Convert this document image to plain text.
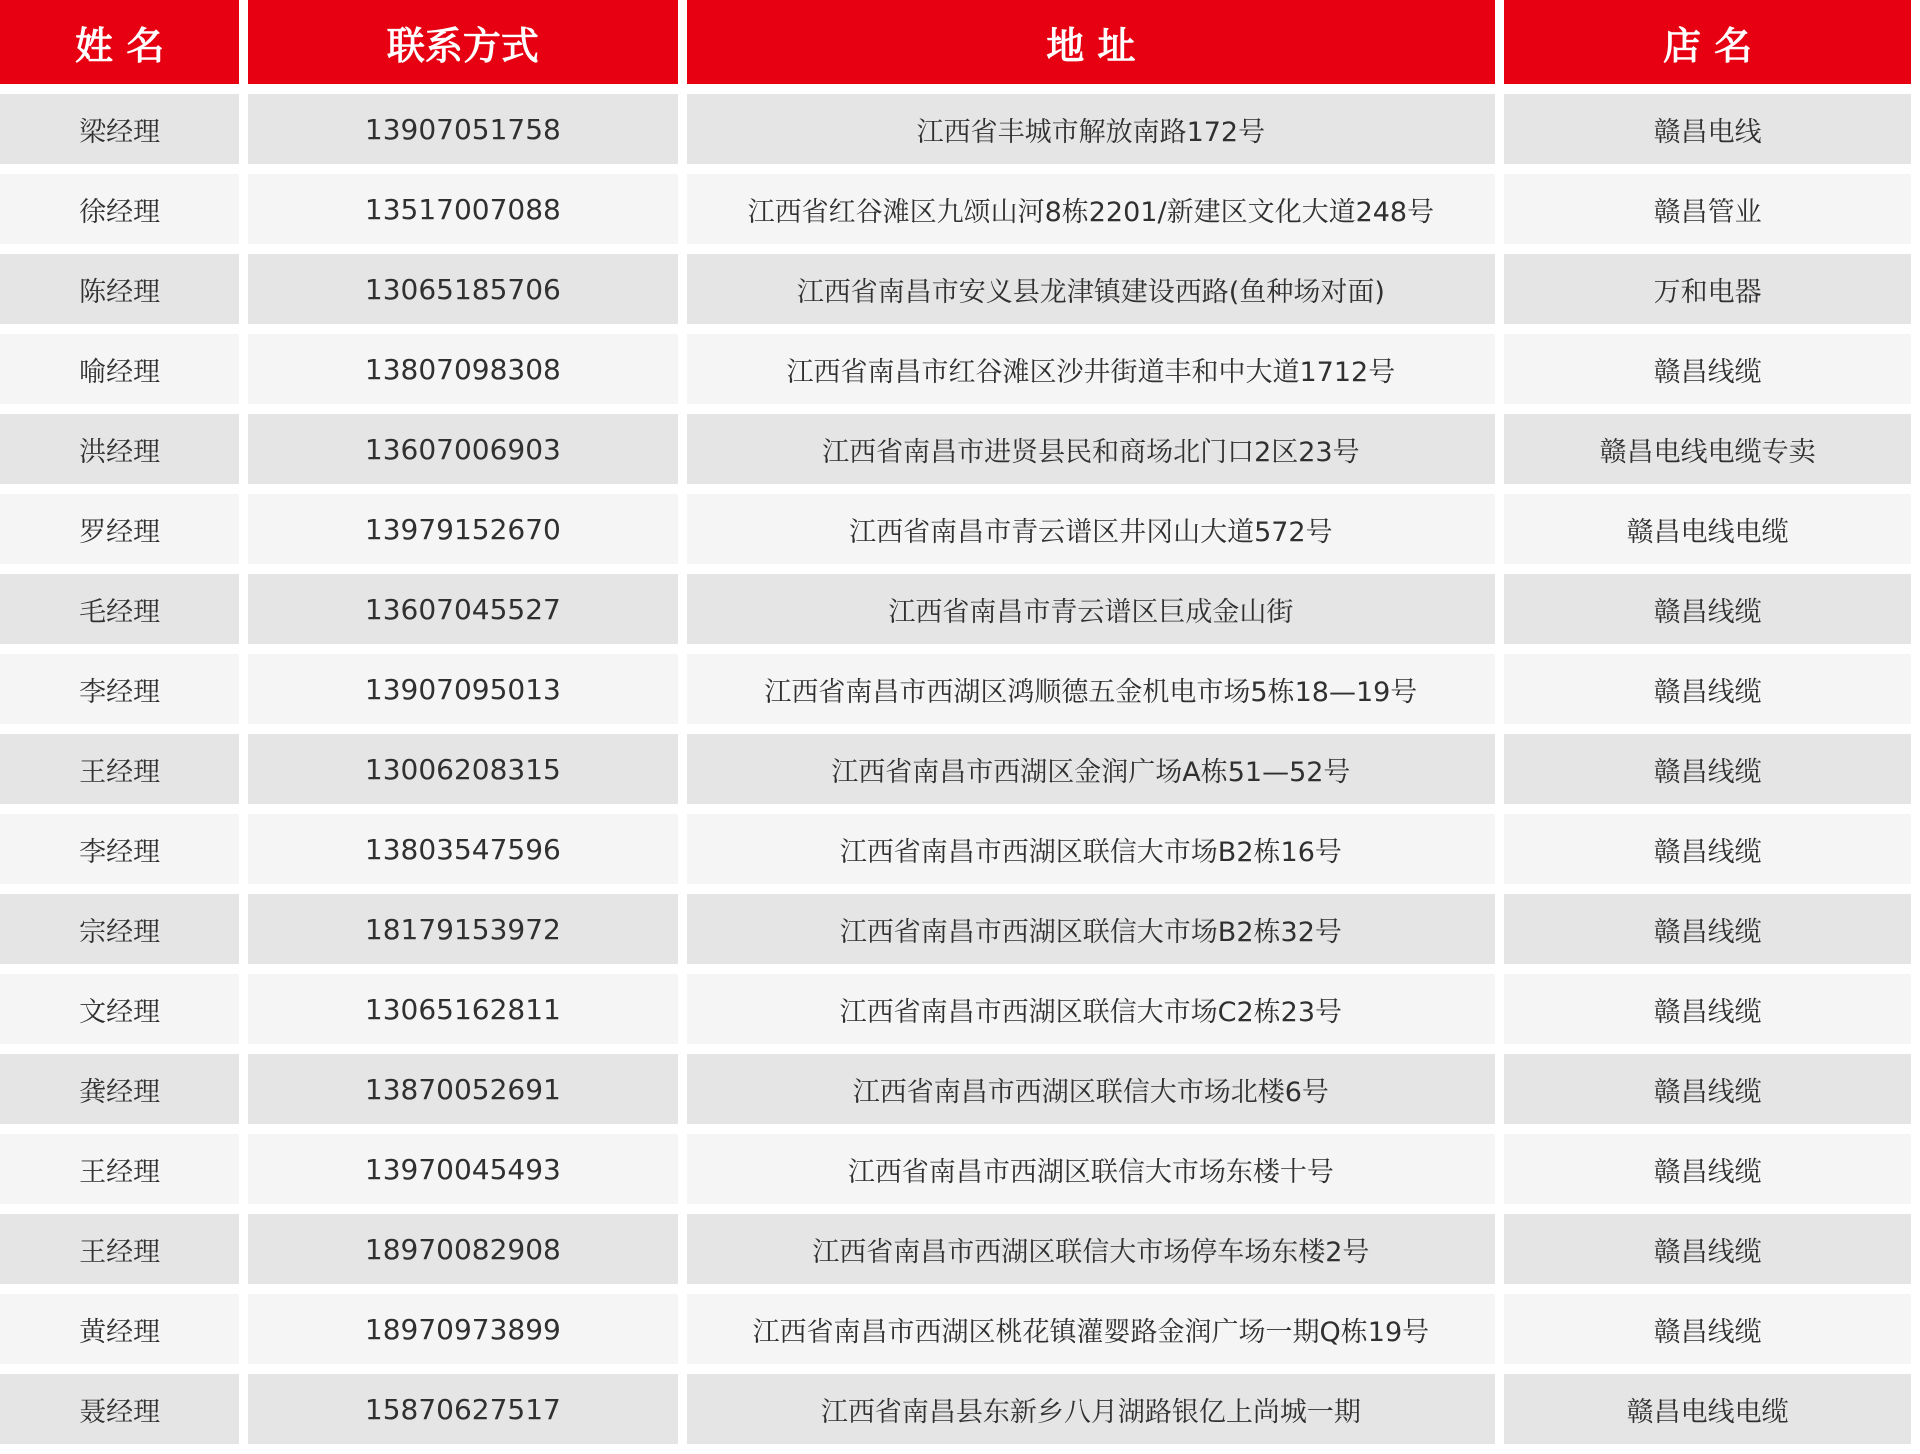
姓 名	联系方式	地 址	店 名
梁经理	13907051758	江西省丰城市解放南路172号	赣昌电线
徐经理	13517007088	江西省红谷滩区九颂山河8栋2201/新建区文化大道248号	赣昌管业
陈经理	13065185706	江西省南昌市安义县龙津镇建设西路(鱼种场对面)	万和电器
喻经理	13807098308	江西省南昌市红谷滩区沙井街道丰和中大道1712号	赣昌线缆
洪经理	13607006903	江西省南昌市进贤县民和商场北门口2区23号	赣昌电线电缆专卖
罗经理	13979152670	江西省南昌市青云谱区井冈山大道572号	赣昌电线电缆
毛经理	13607045527	江西省南昌市青云谱区巨成金山街	赣昌线缆
李经理	13907095013	江西省南昌市西湖区鸿顺德五金机电市场5栋18—19号	赣昌线缆
王经理	13006208315	江西省南昌市西湖区金润广场A栋51—52号	赣昌线缆
李经理	13803547596	江西省南昌市西湖区联信大市场B2栋16号	赣昌线缆
宗经理	18179153972	江西省南昌市西湖区联信大市场B2栋32号	赣昌线缆
文经理	13065162811	江西省南昌市西湖区联信大市场C2栋23号	赣昌线缆
龚经理	13870052691	江西省南昌市西湖区联信大市场北楼6号	赣昌线缆
王经理	13970045493	江西省南昌市西湖区联信大市场东楼十号	赣昌线缆
王经理	18970082908	江西省南昌市西湖区联信大市场停车场东楼2号	赣昌线缆
黄经理	18970973899	江西省南昌市西湖区桃花镇灌婴路金润广场一期Q栋19号	赣昌线缆
聂经理	15870627517	江西省南昌县东新乡八月湖路银亿上尚城一期	赣昌电线电缆
